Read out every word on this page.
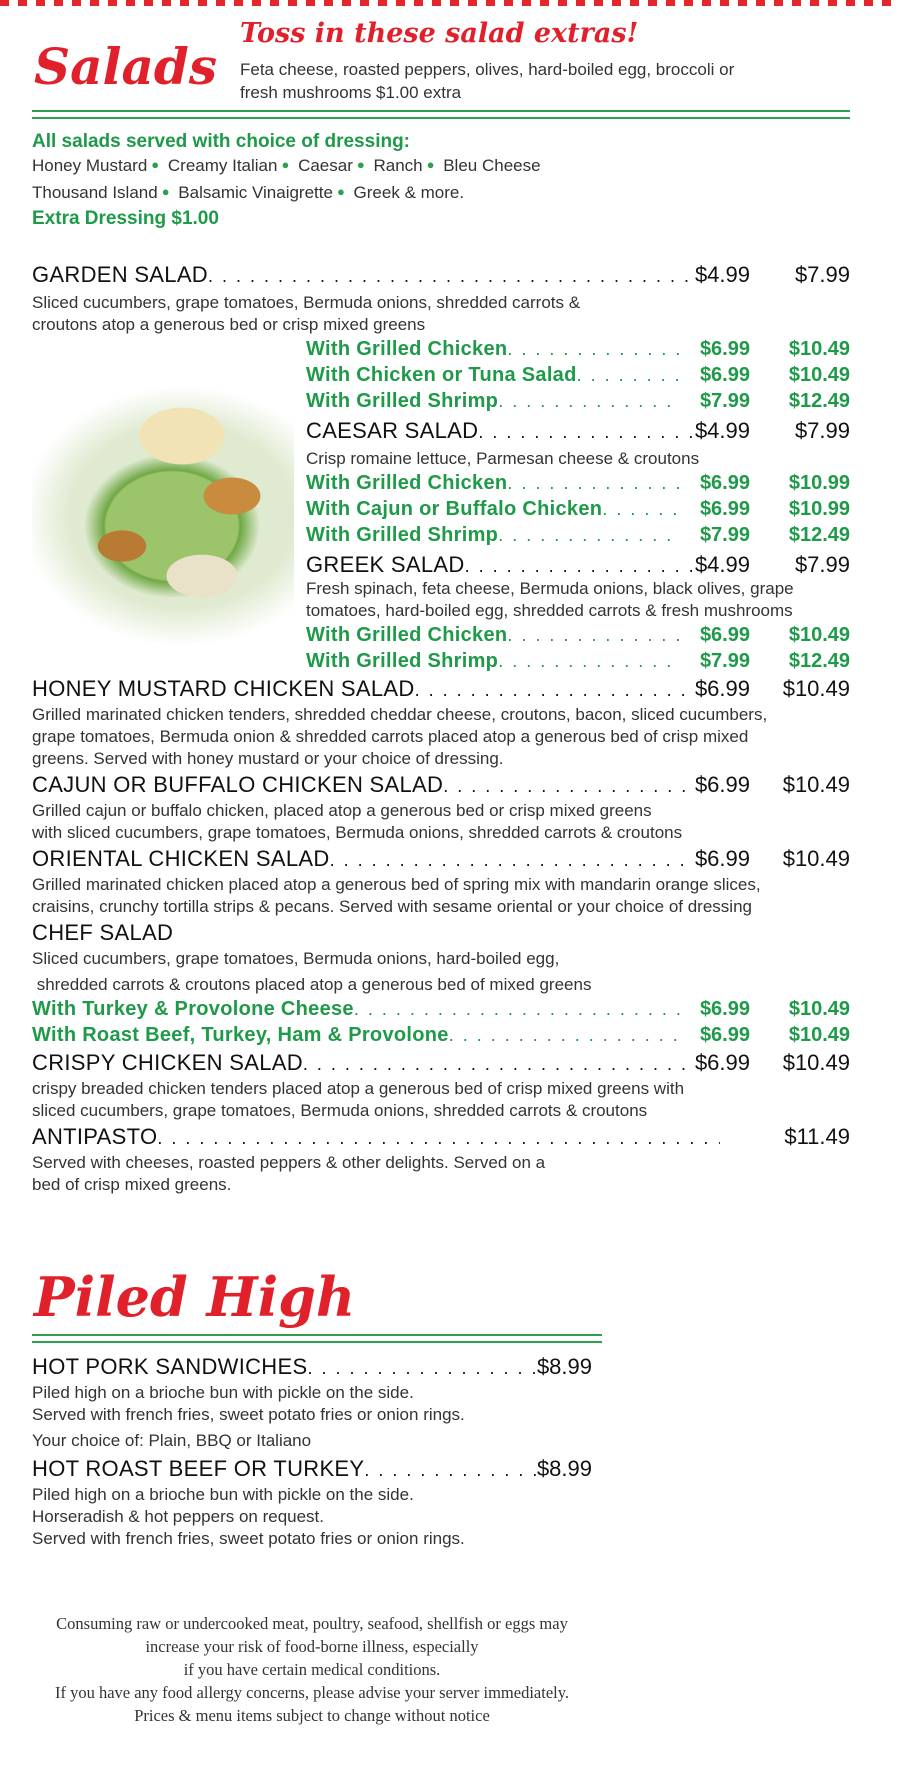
Salads
Toss in these salad extras!
Feta cheese, roasted peppers, olives, hard-boiled egg, broccoli or fresh mushrooms $1.00 extra
All salads served with choice of dressing:
Honey Mustard ● Creamy Italian ● Caesar ● Ranch ● Bleu Cheese
Thousand Island ● Balsamic Vinaigrette ● Greek & more.
Extra Dressing $1.00
GARDEN SALAD . . .	$4.99	$7.99
Sliced cucumbers, grape tomatoes, Bermuda onions, shredded carrots &
croutons atop a generous bed or crisp mixed greens
With Grilled Chicken . . .	$6.99	$10.49
With Chicken or Tuna Salad . . .	$6.99	$10.49
With Grilled Shrimp . . .	$7.99	$12.49
CAESAR SALAD . . .	$4.99	$7.99
Crisp romaine lettuce, Parmesan cheese & croutons
With Grilled Chicken . . .	$6.99	$10.99
With Cajun or Buffalo Chicken . . .	$6.99	$10.99
With Grilled Shrimp . . .	$7.99	$12.49
GREEK SALAD . . .	$4.99	$7.99
Fresh spinach, feta cheese, Bermuda onions, black olives, grape
tomatoes, hard-boiled egg, shredded carrots & fresh mushrooms
With Grilled Chicken . . .	$6.99	$10.49
With Grilled Shrimp . . .	$7.99	$12.49
HONEY MUSTARD CHICKEN SALAD . . .	$6.99	$10.49
Grilled marinated chicken tenders, shredded cheddar cheese, croutons, bacon, sliced cucumbers,
grape tomatoes, Bermuda onion & shredded carrots placed atop a generous bed of crisp mixed
greens. Served with honey mustard or your choice of dressing.
CAJUN OR BUFFALO CHICKEN SALAD . . .	$6.99	$10.49
Grilled cajun or buffalo chicken, placed atop a generous bed or crisp mixed greens
with sliced cucumbers, grape tomatoes, Bermuda onions, shredded carrots & croutons
ORIENTAL CHICKEN SALAD . . .	$6.99	$10.49
Grilled marinated chicken placed atop a generous bed of spring mix with mandarin orange slices,
craisins, crunchy tortilla strips & pecans. Served with sesame oriental or your choice of dressing
CHEF SALAD
Sliced cucumbers, grape tomatoes, Bermuda onions, hard-boiled egg,
shredded carrots & croutons placed atop a generous bed of mixed greens
With Turkey & Provolone Cheese . . .	$6.99	$10.49
With Roast Beef, Turkey, Ham & Provolone . . .	$6.99	$10.49
CRISPY CHICKEN SALAD . . .	$6.99	$10.49
crispy breaded chicken tenders placed atop a generous bed of crisp mixed greens with
sliced cucumbers, grape tomatoes, Bermuda onions, shredded carrots & croutons
ANTIPASTO . . .	$11.49
Served with cheeses, roasted peppers & other delights. Served on a
bed of crisp mixed greens.
Piled High
HOT PORK SANDWICHES . . .	$8.99
Piled high on a brioche bun with pickle on the side.
Served with french fries, sweet potato fries or onion rings.
Your choice of: Plain, BBQ or Italiano
HOT ROAST BEEF OR TURKEY . . .	$8.99
Piled high on a brioche bun with pickle on the side.
Horseradish & hot peppers on request.
Served with french fries, sweet potato fries or onion rings.
Consuming raw or undercooked meat, poultry, seafood, shellfish or eggs may
increase your risk of food-borne illness, especially
if you have certain medical conditions.
If you have any food allergy concerns, please advise your server immediately.
Prices & menu items subject to change without notice
